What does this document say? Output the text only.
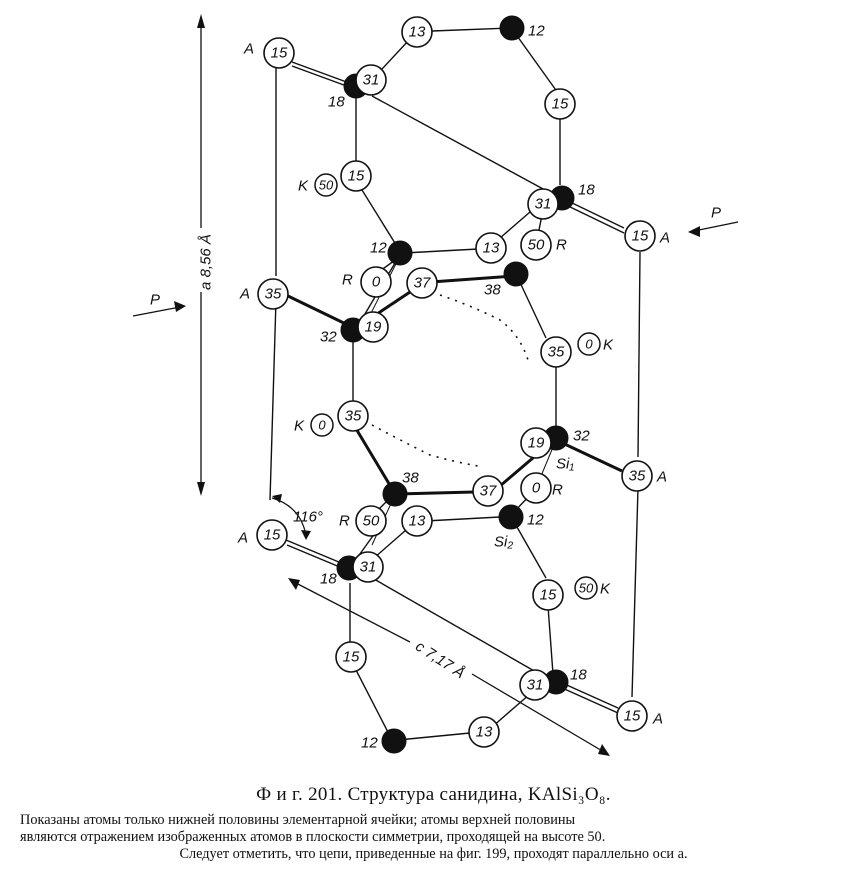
a 8,56 Å
c 7,17 Å
116°
P
P
12
18
18
12
38
32
32
38
12
18
18
12
Si₁
Si₂
15
13
15
15
15
13 50
0 37
35
35
35
35
37 0
50 13
15
15
15
13
15
31
31
19
19
31
31
50
0
0
50
A
A
A
A
A
A
K
K
K
K
R
R
R
R
Ф и г. 201. Структура санидина, KAlSi₃O₈.
Показаны атомы только нижней половины элементарной ячейки; атомы верхней половины
являются отражением изображенных атомов в плоскости симметрии, проходящей на высоте 50.
Следует отметить, что цепи, приведенные на фиг. 199, проходят параллельно оси a.
